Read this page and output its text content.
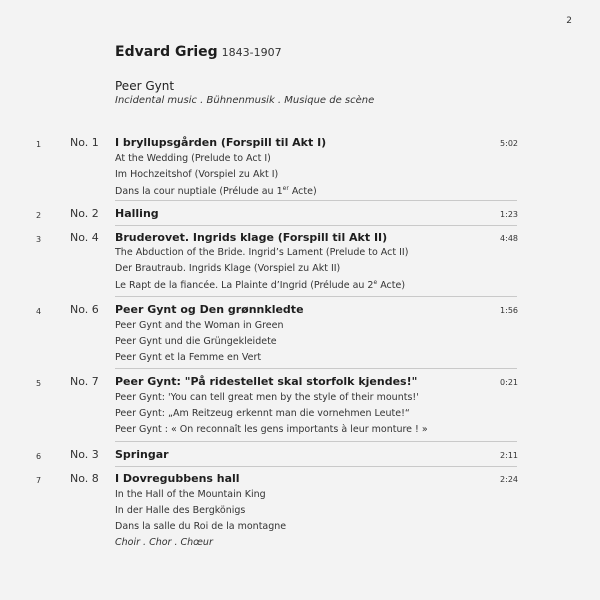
2
Edvard Grieg 1843-1907
Peer Gynt
Incidental music . Bühnenmusik . Musique de scène
1	No. 1 I bryllupsgården (Forspill til Akt I)	5:02
At the Wedding (Prelude to Act I)
Im Hochzeitshof (Vorspiel zu Akt I)
Dans la cour nuptiale (Prélude au 1er Acte)
2	No. 2 Halling	1:23
3	No. 4 Bruderovet. Ingrids klage (Forspill til Akt II)	4:48
The Abduction of the Bride. Ingrid’s Lament (Prelude to Act II)
Der Brautraub. Ingrids Klage (Vorspiel zu Akt II)
Le Rapt de la fiancée. La Plainte d’Ingrid (Prélude au 2e Acte)
4	No. 6 Peer Gynt og Den grønnkledte	1:56
Peer Gynt and the Woman in Green
Peer Gynt und die Grüngekleidete
Peer Gynt et la Femme en Vert
5	No. 7 Peer Gynt: "På ridestellet skal storfolk kjendes!"	0:21
Peer Gynt: 'You can tell great men by the style of their mounts!'
Peer Gynt: „Am Reitzeug erkennt man die vornehmen Leute!“
Peer Gynt : « On reconnaît les gens importants à leur monture ! »
6	No. 3 Springar	2:11
7	No. 8 I Dovregubbens hall	2:24
In the Hall of the Mountain King
In der Halle des Bergkönigs
Dans la salle du Roi de la montagne
Choir . Chor . Chœur
